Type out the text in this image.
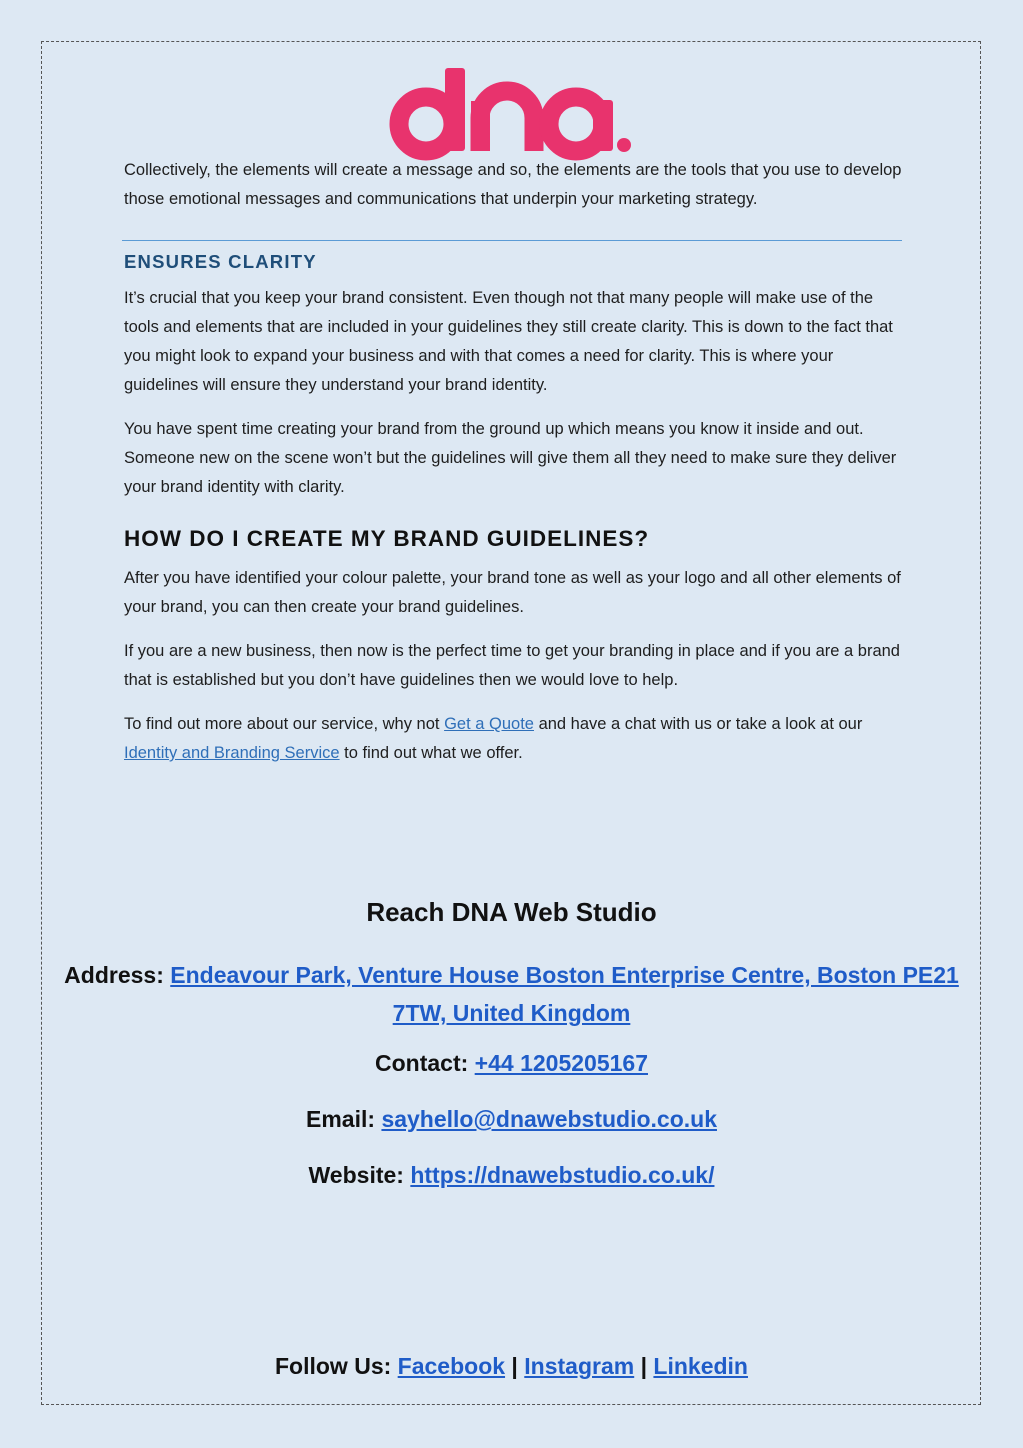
Collectively, the elements will create a message and so, the elements are the tools that you use to develop those emotional messages and communications that underpin your marketing strategy.

ENSURES CLARITY

It’s crucial that you keep your brand consistent. Even though not that many people will make use of the tools and elements that are included in your guidelines they still create clarity. This is down to the fact that you might look to expand your business and with that comes a need for clarity. This is where your guidelines will ensure they understand your brand identity.

You have spent time creating your brand from the ground up which means you know it inside and out. Someone new on the scene won’t but the guidelines will give them all they need to make sure they deliver your brand identity with clarity.

HOW DO I CREATE MY BRAND GUIDELINES?

After you have identified your colour palette, your brand tone as well as your logo and all other elements of your brand, you can then create your brand guidelines.

If you are a new business, then now is the perfect time to get your branding in place and if you are a brand that is established but you don’t have guidelines then we would love to help.

To find out more about our service, why not Get a Quote and have a chat with us or take a look at our Identity and Branding Service to find out what we offer.

Reach DNA Web Studio
Address: Endeavour Park, Venture House Boston Enterprise Centre, Boston PE21 7TW, United Kingdom
Contact: +44 1205205167
Email: sayhello@dnawebstudio.co.uk
Website: https://dnawebstudio.co.uk/
Follow Us: Facebook | Instagram | Linkedin
